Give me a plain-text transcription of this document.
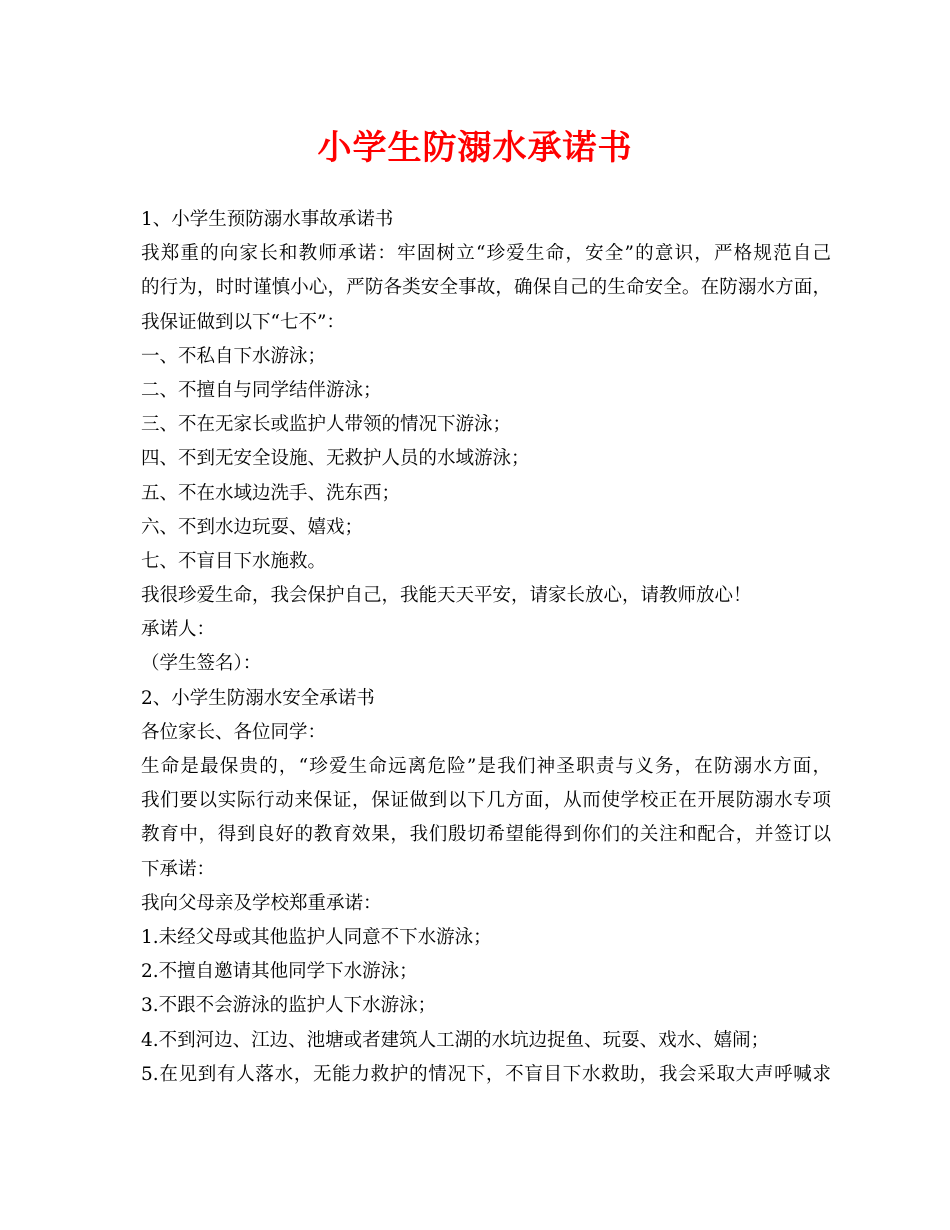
小学生防溺水承诺书
1、小学生预防溺水事故承诺书
我郑重的向家长和教师承诺：牢固树立“珍爱生命，安全”的意识，严格规范自己
的行为，时时谨慎小心，严防各类安全事故，确保自己的生命安全。在防溺水方面，
我保证做到以下“七不”：
一、不私自下水游泳；
二、不擅自与同学结伴游泳；
三、不在无家长或监护人带领的情况下游泳；
四、不到无安全设施、无救护人员的水域游泳；
五、不在水域边洗手、洗东西；
六、不到水边玩耍、嬉戏；
七、不盲目下水施救。
我很珍爱生命，我会保护自己，我能天天平安，请家长放心，请教师放心！
承诺人：
（学生签名）：
2、小学生防溺水安全承诺书
各位家长、各位同学：
生命是最保贵的，“珍爱生命远离危险”是我们神圣职责与义务，在防溺水方面，
我们要以实际行动来保证，保证做到以下几方面，从而使学校正在开展防溺水专项
教育中，得到良好的教育效果，我们殷切希望能得到你们的关注和配合，并签订以
下承诺：
我向父母亲及学校郑重承诺：
1.未经父母或其他监护人同意不下水游泳；
2.不擅自邀请其他同学下水游泳；
3.不跟不会游泳的监护人下水游泳；
4.不到河边、江边、池塘或者建筑人工湖的水坑边捉鱼、玩耍、戏水、嬉闹；
5.在见到有人落水，无能力救护的情况下，不盲目下水救助，我会采取大声呼喊求
